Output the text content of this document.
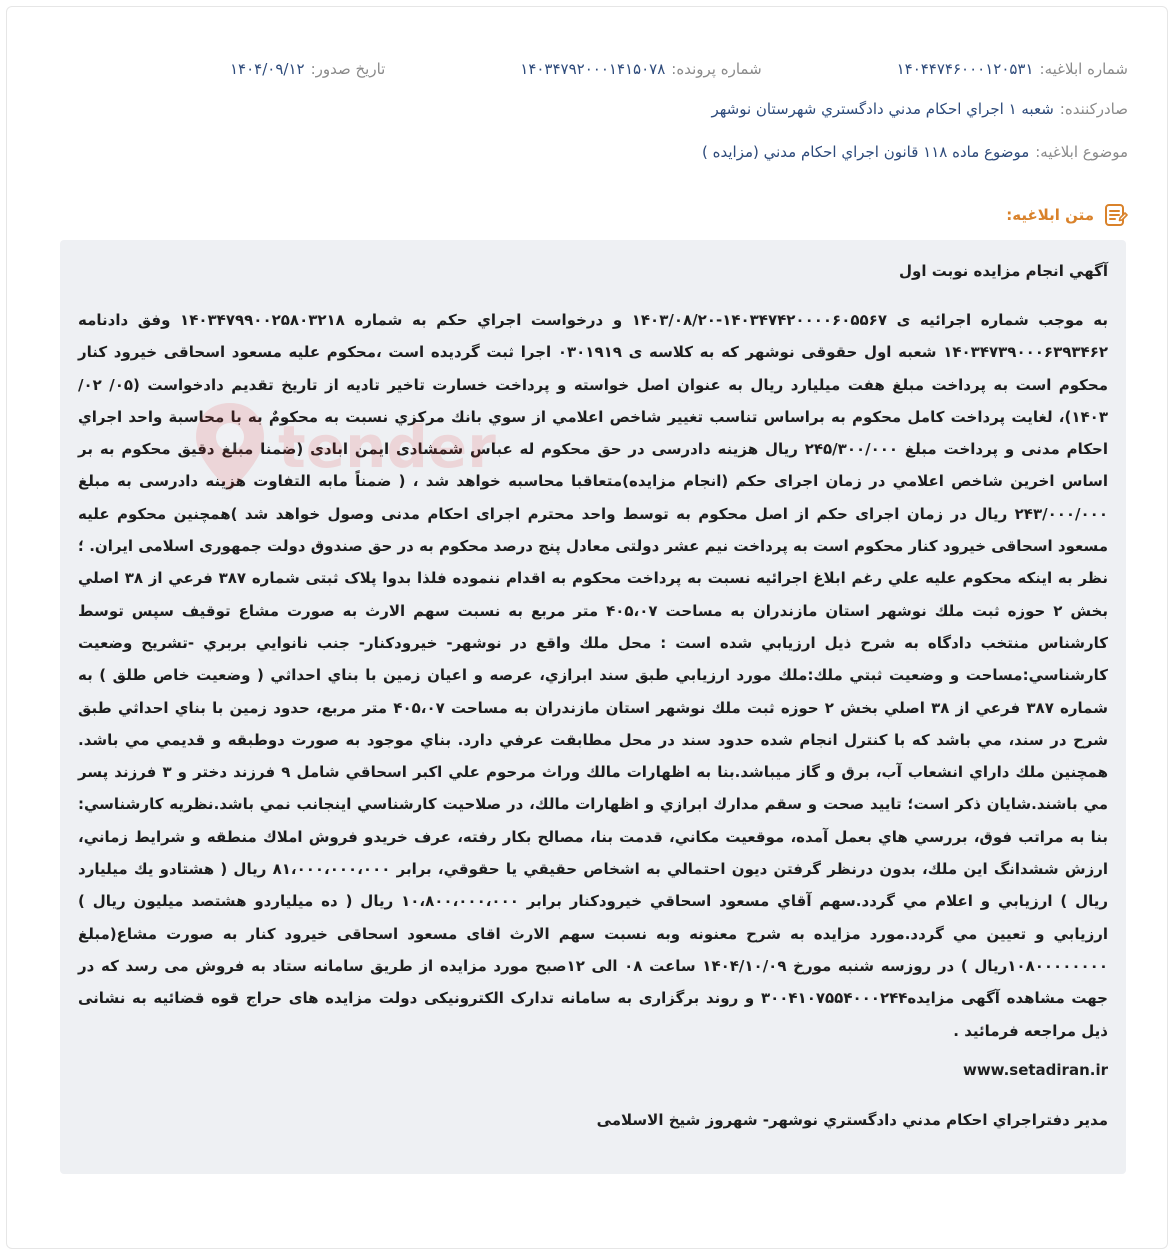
شماره ابلاغیه:
۱۴۰۴۴۷۴۶۰۰۰۱۲۰۵۳۱
شماره پرونده:
۱۴۰۳۴۷۹۲۰۰۰۱۴۱۵۰۷۸
تاریخ صدور:
۱۴۰۴/۰۹/۱۲
صادرکننده:
شعبه ۱ اجراي احكام مدني دادگستري شهرستان نوشهر
موضوع ابلاغیه:
موضوع ماده ۱۱۸ قانون اجراي احكام مدني (مزايده )
متن ابلاغیه:

آگهي انجام مزايده نوبت اول

به موجب شماره اجرائيه ی ۱۴۰۳۴۷۴۲۰۰۰۰۶۰۵۵۶۷-۱۴۰۳/۰۸/۲۰ و درخواست اجراي حكم به شماره ۱۴۰۳۴۷۹۹۰۰۲۵۸۰۳۲۱۸ وفق دادنامه ۱۴۰۳۴۷۳۹۰۰۰۶۳۹۳۴۶۲ شعبه اول حقوقی نوشهر که به کلاسه ی ۰۳۰۱۹۱۹ اجرا ثبت گردیده است ،محکوم علیه مسعود اسحاقی خیرود کنار محکوم است به پرداخت مبلغ هفت میلیارد ریال به عنوان اصل خواسته و پرداخت خسارت تاخیر تادیه از تاریخ تقدیم دادخواست (۰۵/ ۰۲/ ۱۴۰۳)، لغایت پرداخت کامل محکوم به براساس تناسب تغيير شاخص اعلامي از سوي بانك مركزي نسبت به محكومٌ به با محاسبة واحد اجراي احكام مدنی و پرداخت مبلغ ۲۴۵/۳۰۰/۰۰۰ ریال هزینه دادرسی در حق محکوم له عباس شمشادی ایمن ابادی (ضمنا مبلغ دقيق محكوم به بر اساس اخرين شاخص اعلامي در زمان اجرای حکم (انجام مزایده)متعاقبا محاسبه خواهد شد ، ( ضمناً مابه التفاوت هزینه دادرسی به مبلغ ۲۴۳/۰۰۰/۰۰۰ ریال در زمان اجرای حکم از اصل محکوم به توسط واحد محترم اجرای احکام مدنی وصول خواهد شد )همچنین محکوم علیه مسعود اسحاقی خیرود کنار محکوم است به پرداخت نیم عشر دولتی معادل پنج درصد محکوم به در حق صندوق دولت جمهوری اسلامی ایران. ؛ نظر به اینکه محکوم علیه علي رغم ابلاغ اجرائيه نسبت به پرداخت محكوم به اقدام ننموده فلذا بدوا پلاک ثبتی شماره ۳۸۷ فرعي از ۳۸ اصلي بخش ۲ حوزه ثبت ملك نوشهر استان مازندران به مساحت ۴۰۵،۰۷ متر مربع به نسبت سهم الارث به صورت مشاع توقیف سپس توسط کارشناس منتخب دادگاه به شرح ذيل ارزيابي شده است : محل ملك واقع در نوشهر- خيرودكنار- جنب نانوايي بربري -تشريح وضعيت كارشناسي:مساحت و وضعيت ثبتي ملك:ملك مورد ارزيابي طبق سند ابرازي، عرصه و اعيان زمين با بناي احداثي ( وضعيت خاص طلق ) به شماره ۳۸۷ فرعي از ۳۸ اصلي بخش ۲ حوزه ثبت ملك نوشهر استان مازندران به مساحت ۴۰۵،۰۷ متر مربع، حدود زمين با بناي احداثي طبق شرح در سند، مي باشد كه با كنترل انجام شده حدود سند در محل مطابقت عرفي دارد. بناي موجود به صورت دوطبقه و قديمي مي باشد. همچنين ملك داراي انشعاب آب، برق و گاز ميباشد.بنا به اظهارات مالك وراث مرحوم علي اكبر اسحاقي شامل ۹ فرزند دختر و ۳ فرزند پسر مي باشند.شايان ذكر است؛ تاييد صحت و سقم مدارك ابرازي و اظهارات مالك، در صلاحيت كارشناسي اينجانب نمي باشد.نظريه كارشناسي: بنا به مراتب فوق، بررسي هاي بعمل آمده، موقعيت مكاني، قدمت بنا، مصالح بكار رفته، عرف خريدو فروش املاك منطقه و شرايط زماني، ارزش ششدانگ اين ملك، بدون درنظر گرفتن ديون احتمالي به اشخاص حقيقي يا حقوقي، برابر ۸۱،۰۰۰،۰۰۰،۰۰۰ ريال ( هشتادو يك ميليارد ريال ) ارزيابي و اعلام مي گردد.سهم آقاي مسعود اسحاقي خيرودكنار برابر ۱۰،۸۰۰،۰۰۰،۰۰۰ ريال ( ده ميلياردو هشتصد ميليون ريال ) ارزيابي و تعيين مي گردد.مورد مزایده به شرح معنونه وبه نسبت سهم الارث اقای مسعود اسحاقی خیرود کنار به صورت مشاع(مبلغ ۱۰۸۰۰۰۰۰۰۰۰ريال ) در روزسه شنبه مورخ ۱۴۰۴/۱۰/۰۹ ساعت ۰۸ الی ۱۲صبح مورد مزایده از طریق سامانه ستاد به فروش می رسد که در جهت مشاهده آگهی مزایده۳۰۰۴۱۰۷۵۵۴۰۰۰۲۴۴ و روند برگزاری به سامانه تدارک الکترونیکی دولت مزایده های حراج قوه قضائیه به نشانی ذیل مراجعه فرمائید .

www.setadiran.ir

مدير دفتراجراي احكام مدني دادگستري نوشهر- شهروز شيخ الاسلامی
